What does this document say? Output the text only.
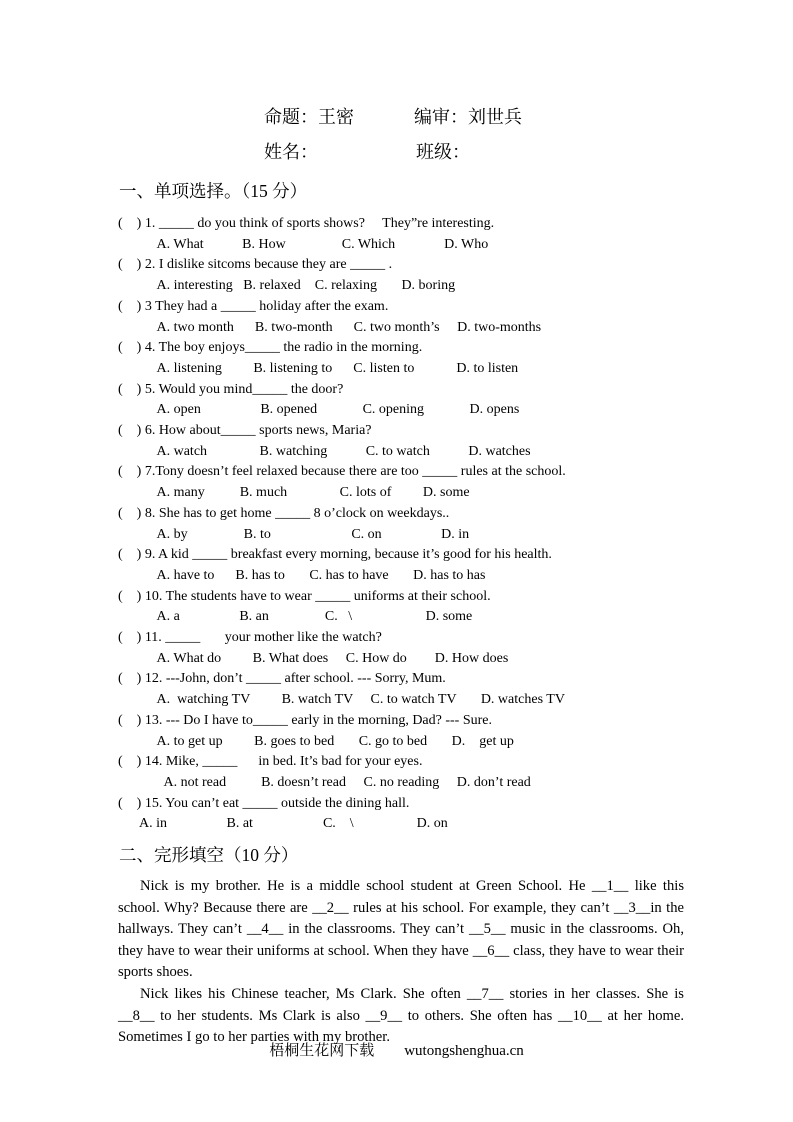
命题：王密	编审：刘世兵
姓名：	班级：
一、单项选择。（15 分）
(    ) 1. _____ do you think of sports shows?     They”re interesting.
A. What           B. How                C. Which              D. Who
(    ) 2. I dislike sitcoms because they are _____ .
A. interesting   B. relaxed    C. relaxing       D. boring
(    ) 3 They had a _____ holiday after the exam.
A. two month      B. two-month      C. two month’s     D. two-months
(    ) 4. The boy enjoys_____ the radio in the morning.
A. listening         B. listening to      C. listen to            D. to listen
(    ) 5. Would you mind_____ the door?
A. open                 B. opened             C. opening             D. opens
(    ) 6. How about_____ sports news, Maria?
A. watch               B. watching           C. to watch           D. watches
(    ) 7.Tony doesn’t feel relaxed because there are too _____ rules at the school.
A. many          B. much               C. lots of         D. some
(    ) 8. She has to get home _____ 8 o’clock on weekdays..
A. by                B. to                       C. on                 D. in
(    ) 9. A kid _____ breakfast every morning, because it’s good for his health.
A. have to      B. has to       C. has to have       D. has to has
(    ) 10. The students have to wear _____ uniforms at their school.
A. a                 B. an                C.   \                     D. some
(    ) 11. _____       your mother like the watch?
A. What do         B. What does     C. How do        D. How does
(    ) 12. ---John, don’t _____ after school. --- Sorry, Mum.
A.  watching TV         B. watch TV     C. to watch TV       D. watches TV
(    ) 13. --- Do I have to_____ early in the morning, Dad? --- Sure.
A. to get up         B. goes to bed       C. go to bed       D.    get up
(    ) 14. Mike, _____      in bed. It’s bad for your eyes.
A. not read          B. doesn’t read     C. no reading     D. don’t read
(    ) 15. You can’t eat _____ outside the dining hall.
A. in                 B. at                    C.    \                  D. on
二、完形填空（10 分）

Nick is my brother. He is a middle school student at Green School. He __1__ like this school. Why? Because there are __2__ rules at his school. For example, they can’t __3__in the hallways. They can’t __4__ in the classrooms. They can’t __5__ music in the classrooms. Oh, they have to wear their uniforms at school. When they have __6__ class, they have to wear their sports shoes.

Nick likes his Chinese teacher, Ms Clark. She often __7__ stories in her classes. She is __8__ to her students. Ms Clark is also __9__ to others. She often has __10__ at her home. Sometimes I go to her parties with my brother.

梧桐生花网下载 wutongshenghua.cn
